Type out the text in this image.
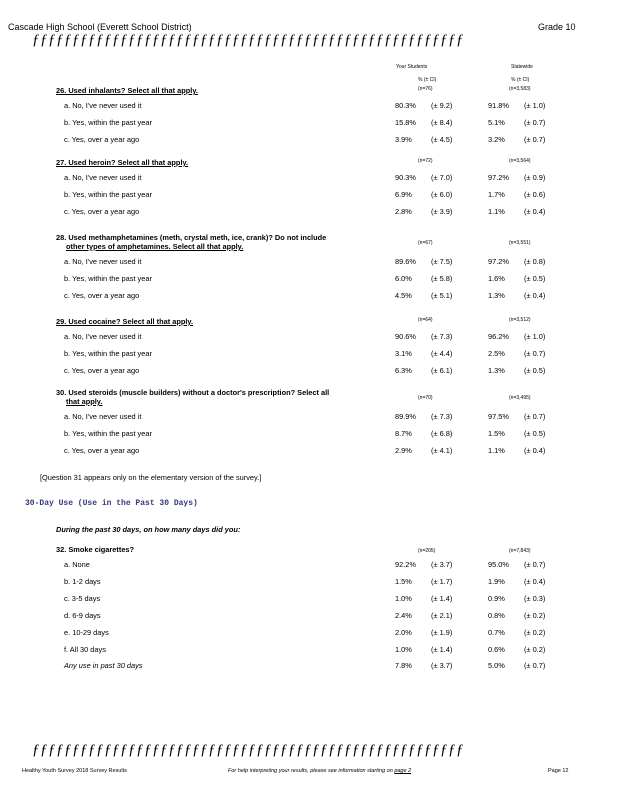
Cascade High School (Everett School District)	Grade 10
ƒƒƒƒƒƒƒƒƒƒƒƒƒƒƒƒƒƒƒƒƒƒƒƒƒƒƒƒƒƒƒƒƒƒƒƒƒƒƒƒƒƒƒƒƒƒƒƒƒƒƒƒƒƒ
Your Students	Statewide
% (± CI)	% (± CI)
26. Used inhalants? Select all that apply.	(n=76)	(n=3,583)
a. No, I've never used it	80.3% (± 9.2)	91.8% (± 1.0)
b. Yes, within the past year	15.8% (± 8.4)	5.1%	(± 0.7)
c. Yes, over a year ago	3.9%	(± 4.5)	3.2%	(± 0.7)
27. Used heroin? Select all that apply.	(n=72)	(n=3,564)
a. No, I've never used it	90.3% (± 7.0)	97.2% (± 0.9)
b. Yes, within the past year	6.9%	(± 6.0)	1.7%	(± 0.6)
c. Yes, over a year ago	2.8%	(± 3.9)	1.1%	(± 0.4)
28. Used methamphetamines (meth, crystal meth, ice, crank)? Do not include
other types of amphetamines. Select all that apply.	(n=67)	(n=3,551)
a. No, I've never used it	89.6% (± 7.5)	97.2% (± 0.8)
b. Yes, within the past year	6.0%	(± 5.8)	1.6%	(± 0.5)
c. Yes, over a year ago	4.5%	(± 5.1)	1.3%	(± 0.4)
29. Used cocaine? Select all that apply.	(n=64)	(n=3,512)
a. No, I've never used it	90.6% (± 7.3)	96.2% (± 1.0)
b. Yes, within the past year	3.1%	(± 4.4)	2.5%	(± 0.7)
c. Yes, over a year ago	6.3%	(± 6.1)	1.3%	(± 0.5)
30. Used steroids (muscle builders) without a doctor's prescription? Select all
that apply.	(n=70)	(n=3,495)
a. No, I've never used it	89.9% (± 7.3)	97.5% (± 0.7)
b. Yes, within the past year	8.7%	(± 6.8)	1.5%	(± 0.5)
c. Yes, over a year ago	2.9%	(± 4.1)	1.1%	(± 0.4)
[Question 31 appears only on the elementary version of the survey.]
30-Day Use (Use in the Past 30 Days)
During the past 30 days, on how many days did you:
32. Smoke cigarettes?	(n=205)	(n=7,843)
a. None	92.2% (± 3.7)	95.0% (± 0.7)
b. 1-2 days	1.5%	(± 1.7)	1.9%	(± 0.4)
c. 3-5 days	1.0%	(± 1.4)	0.9%	(± 0.3)
d. 6-9 days	2.4%	(± 2.1)	0.8%	(± 0.2)
e. 10-29 days	2.0%	(± 1.9)	0.7%	(± 0.2)
f. All 30 days	1.0%	(± 1.4)	0.6%	(± 0.2)
Any use in past 30 days	7.8%	(± 3.7)	5.0%	(± 0.7)
ƒƒƒƒƒƒƒƒƒƒƒƒƒƒƒƒƒƒƒƒƒƒƒƒƒƒƒƒƒƒƒƒƒƒƒƒƒƒƒƒƒƒƒƒƒƒƒƒƒƒƒƒƒƒ
Healthy Youth Survey 2018 Survey Results	For help interpreting your results, please see information starting on page 2	Page 12
